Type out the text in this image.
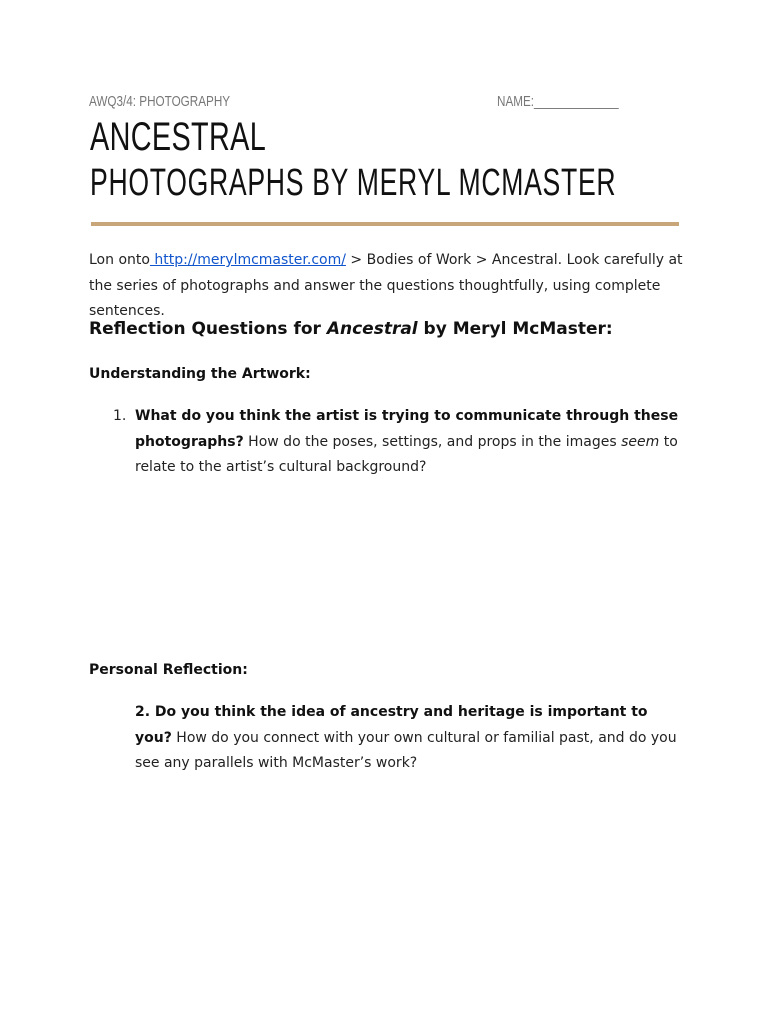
AWQ3/4: PHOTOGRAPHY	NAME:_____________
ANCESTRAL
PHOTOGRAPHS BY MERYL MCMASTER
Lon onto http://merylmcmaster.com/ > Bodies of Work > Ancestral. Look carefully at the series of photographs and answer the questions thoughtfully, using complete sentences.
Reflection Questions for Ancestral by Meryl McMaster:
Understanding the Artwork:
1. What do you think the artist is trying to communicate through these photographs? How do the poses, settings, and props in the images seem to relate to the artist’s cultural background?
Personal Reflection:
2. Do you think the idea of ancestry and heritage is important to you? How do you connect with your own cultural or familial past, and do you see any parallels with McMaster’s work?
